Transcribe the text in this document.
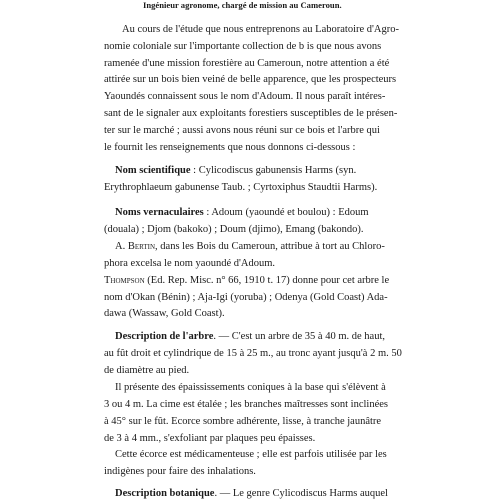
Ingénieur agronome, chargé de mission au Cameroun.
Au cours de l'étude que nous entreprenons au Laboratoire d'Agro-
nomie coloniale sur l'importante collection de b is que nous avons
ramenée d'une mission forestière au Cameroun, notre attention a été
attirée sur un bois bien veiné de belle apparence, que les prospecteurs
Yaoundés connaissent sous le nom d'Adoum. Il nous paraît intéres-
sant de le signaler aux exploitants forestiers susceptibles de le présen-
ter sur le marché ; aussi avons nous réuni sur ce bois et l'arbre qui
le fournit les renseignements que nous donnons ci-dessous :
Nom scientifique : Cylicodiscus gabunensis Harms (syn.
Erythrophlaeum gabunense Taub. ; Cyrtoxiphus Staudtii Harms).
Noms vernaculaires : Adoum (yaoundé et boulou) : Edoum
(douala) ; Djom (bakoko) ; Doum (djimo), Emang (bakondo).
A. Bertin, dans les Bois du Cameroun, attribue à tort au Chloro-
phora excelsa le nom yaoundé d'Adoum.
Thompson (Ed. Rep. Misc. n° 66, 1910 t. 17) donne pour cet arbre le
nom d'Okan (Bénin) ; Aja-Igi (yoruba) ; Odenya (Gold Coast) Ada-
dawa (Wassaw, Gold Coast).
Description de l'arbre. — C'est un arbre de 35 à 40 m. de haut,
au fût droit et cylindrique de 15 à 25 m., au tronc ayant jusqu'à 2 m. 50
de diamètre au pied.
Il présente des épaississements coniques à la base qui s'élèvent à
3 ou 4 m. La cime est étalée ; les branches maîtresses sont inclinées
à 45° sur le fût. Ecorce sombre adhérente, lisse, à tranche jaunâtre
de 3 à 4 mm., s'exfoliant par plaques peu épaisses.
Cette écorce est médicamenteuse ; elle est parfois utilisée par les
indigènes pour faire des inhalations.
Description botanique. — Le genre Cylicodiscus Harms auquel
